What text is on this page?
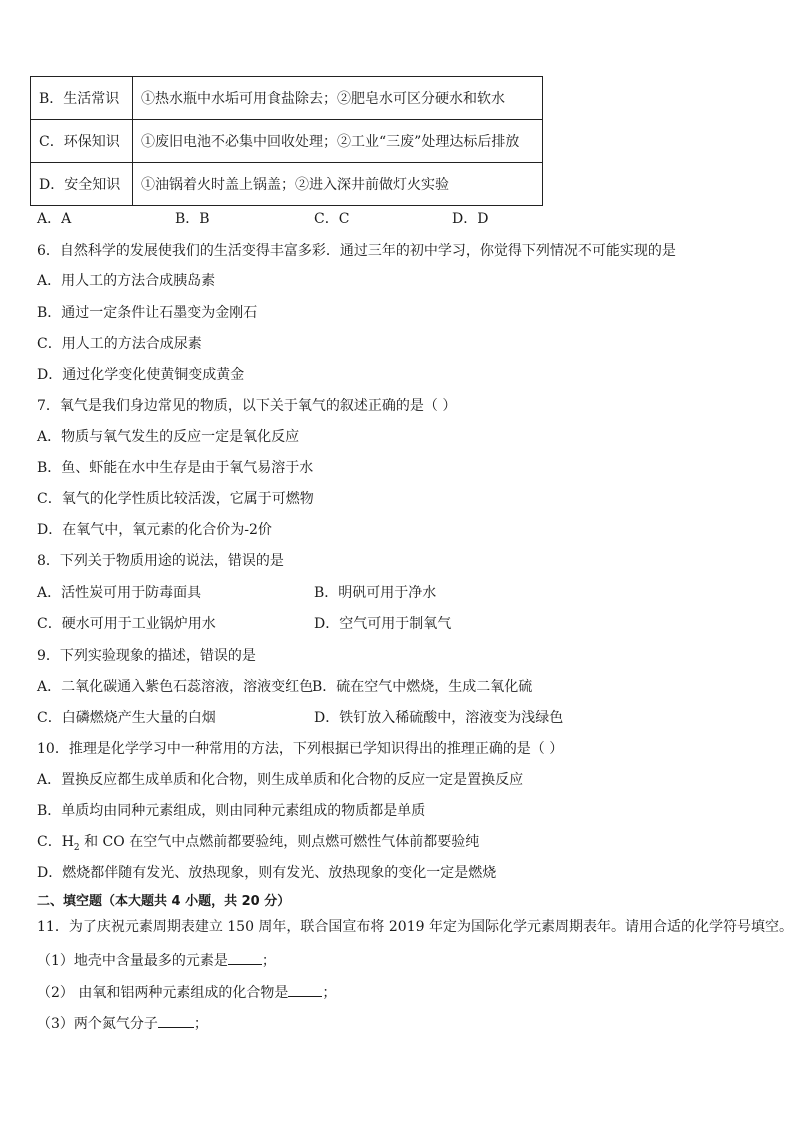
B．生活常识	①热水瓶中水垢可用食盐除去；②肥皂水可区分硬水和软水
C．环保知识	①废旧电池不必集中回收处理；②工业“三废”处理达标后排放
D．安全知识	①油锅着火时盖上锅盖；②进入深井前做灯火实验
A．A	B．B	C．C	D．D
6．自然科学的发展使我们的生活变得丰富多彩．通过三年的初中学习，你觉得下列情况不可能实现的是
A．用人工的方法合成胰岛素
B．通过一定条件让石墨变为金刚石
C．用人工的方法合成尿素
D．通过化学变化使黄铜变成黄金
7．氧气是我们身边常见的物质，以下关于氧气的叙述正确的是（ ）
A．物质与氧气发生的反应一定是氧化反应
B．鱼、虾能在水中生存是由于氧气易溶于水
C．氧气的化学性质比较活泼，它属于可燃物
D．在氧气中，氧元素的化合价为-2价
8．下列关于物质用途的说法，错误的是
A．活性炭可用于防毒面具	B．明矾可用于净水
C．硬水可用于工业锅炉用水	D．空气可用于制氧气
9．下列实验现象的描述，错误的是
A．二氧化碳通入紫色石蕊溶液，溶液变红色
B．硫在空气中燃烧，生成二氧化硫
C．白磷燃烧产生大量的白烟	D．铁钉放入稀硫酸中，溶液变为浅绿色
10．推理是化学学习中一种常用的方法，下列根据已学知识得出的推理正确的是（ ）
A．置换反应都生成单质和化合物，则生成单质和化合物的反应一定是置换反应
B．单质均由同种元素组成，则由同种元素组成的物质都是单质
C．$H_2$ 和 CO 在空气中点燃前都要验纯，则点燃可燃性气体前都要验纯
D．燃烧都伴随有发光、放热现象，则有发光、放热现象的变化一定是燃烧
二、填空题（本大题共 4 小题，共 20 分）
11．为了庆祝元素周期表建立 150 周年，联合国宣布将 2019 年定为国际化学元素周期表年。请用合适的化学符号填空。
（1）地壳中含量最多的元素是 ；
（2） 由氧和铝两种元素组成的化合物是 ；
（3）两个氮气分子	；
